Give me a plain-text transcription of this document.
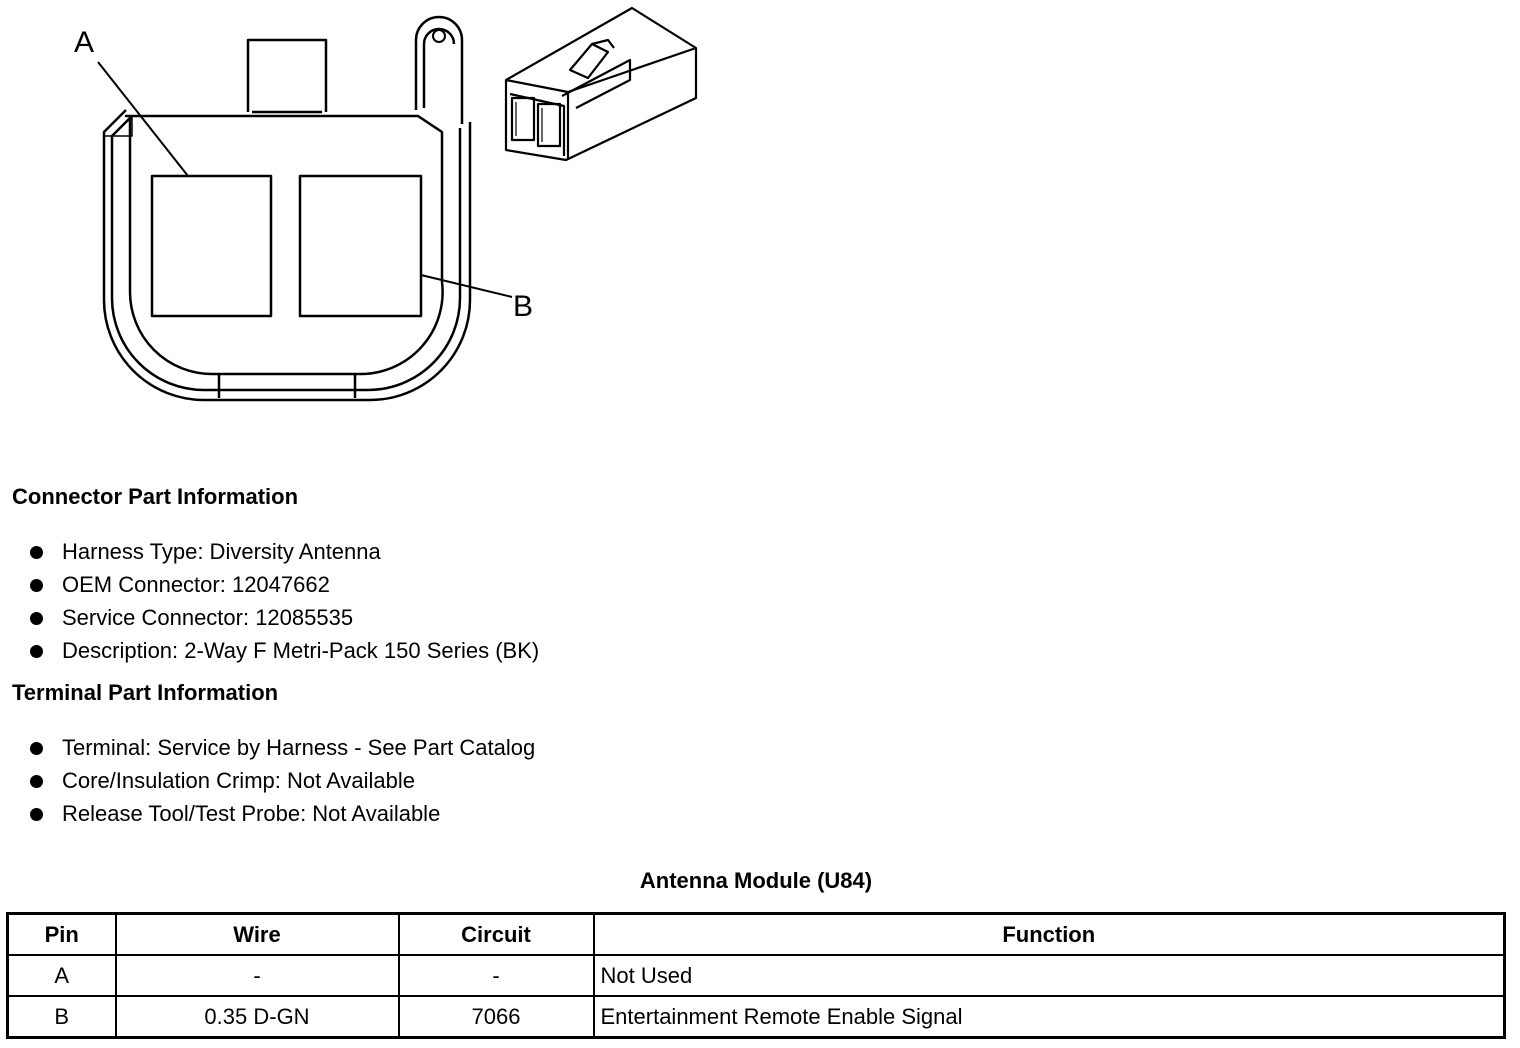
A
B
Connector Part Information
Harness Type: Diversity Antenna
OEM Connector: 12047662
Service Connector: 12085535
Description: 2-Way F Metri-Pack 150 Series (BK)
Terminal Part Information
Terminal: Service by Harness - See Part Catalog
Core/Insulation Crimp: Not Available
Release Tool/Test Probe: Not Available
Antenna Module (U84)
Pin	Wire	Circuit	Function
A	-	-	Not Used
B	0.35 D-GN	7066	Entertainment Remote Enable Signal
